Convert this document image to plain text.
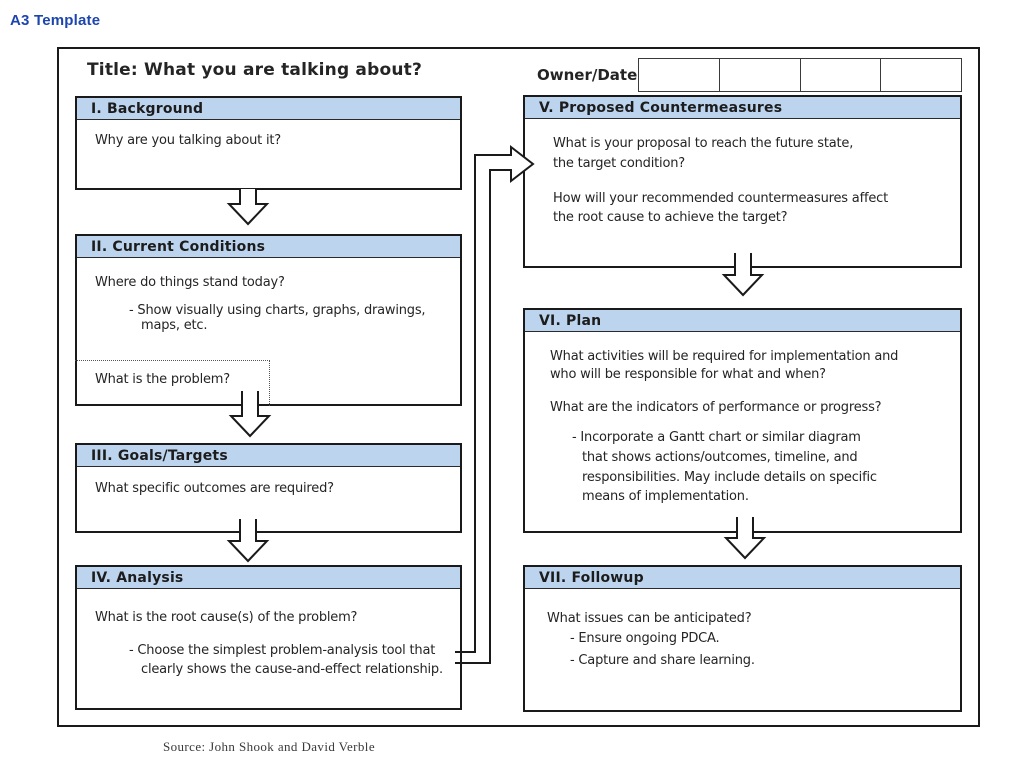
A3 Template
Title: What you are talking about?	Owner/Date
I. Background
Why are you talking about it?
II. Current Conditions
Where do things stand today?
- Show visually using charts, graphs, drawings,
maps, etc.
What is the problem?
III. Goals/Targets
What specific outcomes are required?
IV. Analysis
What is the root cause(s) of the problem?
- Choose the simplest problem-analysis tool that
clearly shows the cause-and-effect relationship.
V. Proposed Countermeasures
What is your proposal to reach the future state,
the target condition?
How will your recommended countermeasures affect
the root cause to achieve the target?
VI. Plan
What activities will be required for implementation and
who will be responsible for what and when?
What are the indicators of performance or progress?
- Incorporate a Gantt chart or similar diagram
that shows actions/outcomes, timeline, and
responsibilities. May include details on specific
means of implementation.
VII. Followup
What issues can be anticipated?
- Ensure ongoing PDCA.
- Capture and share learning.
Source: John Shook and David Verble
